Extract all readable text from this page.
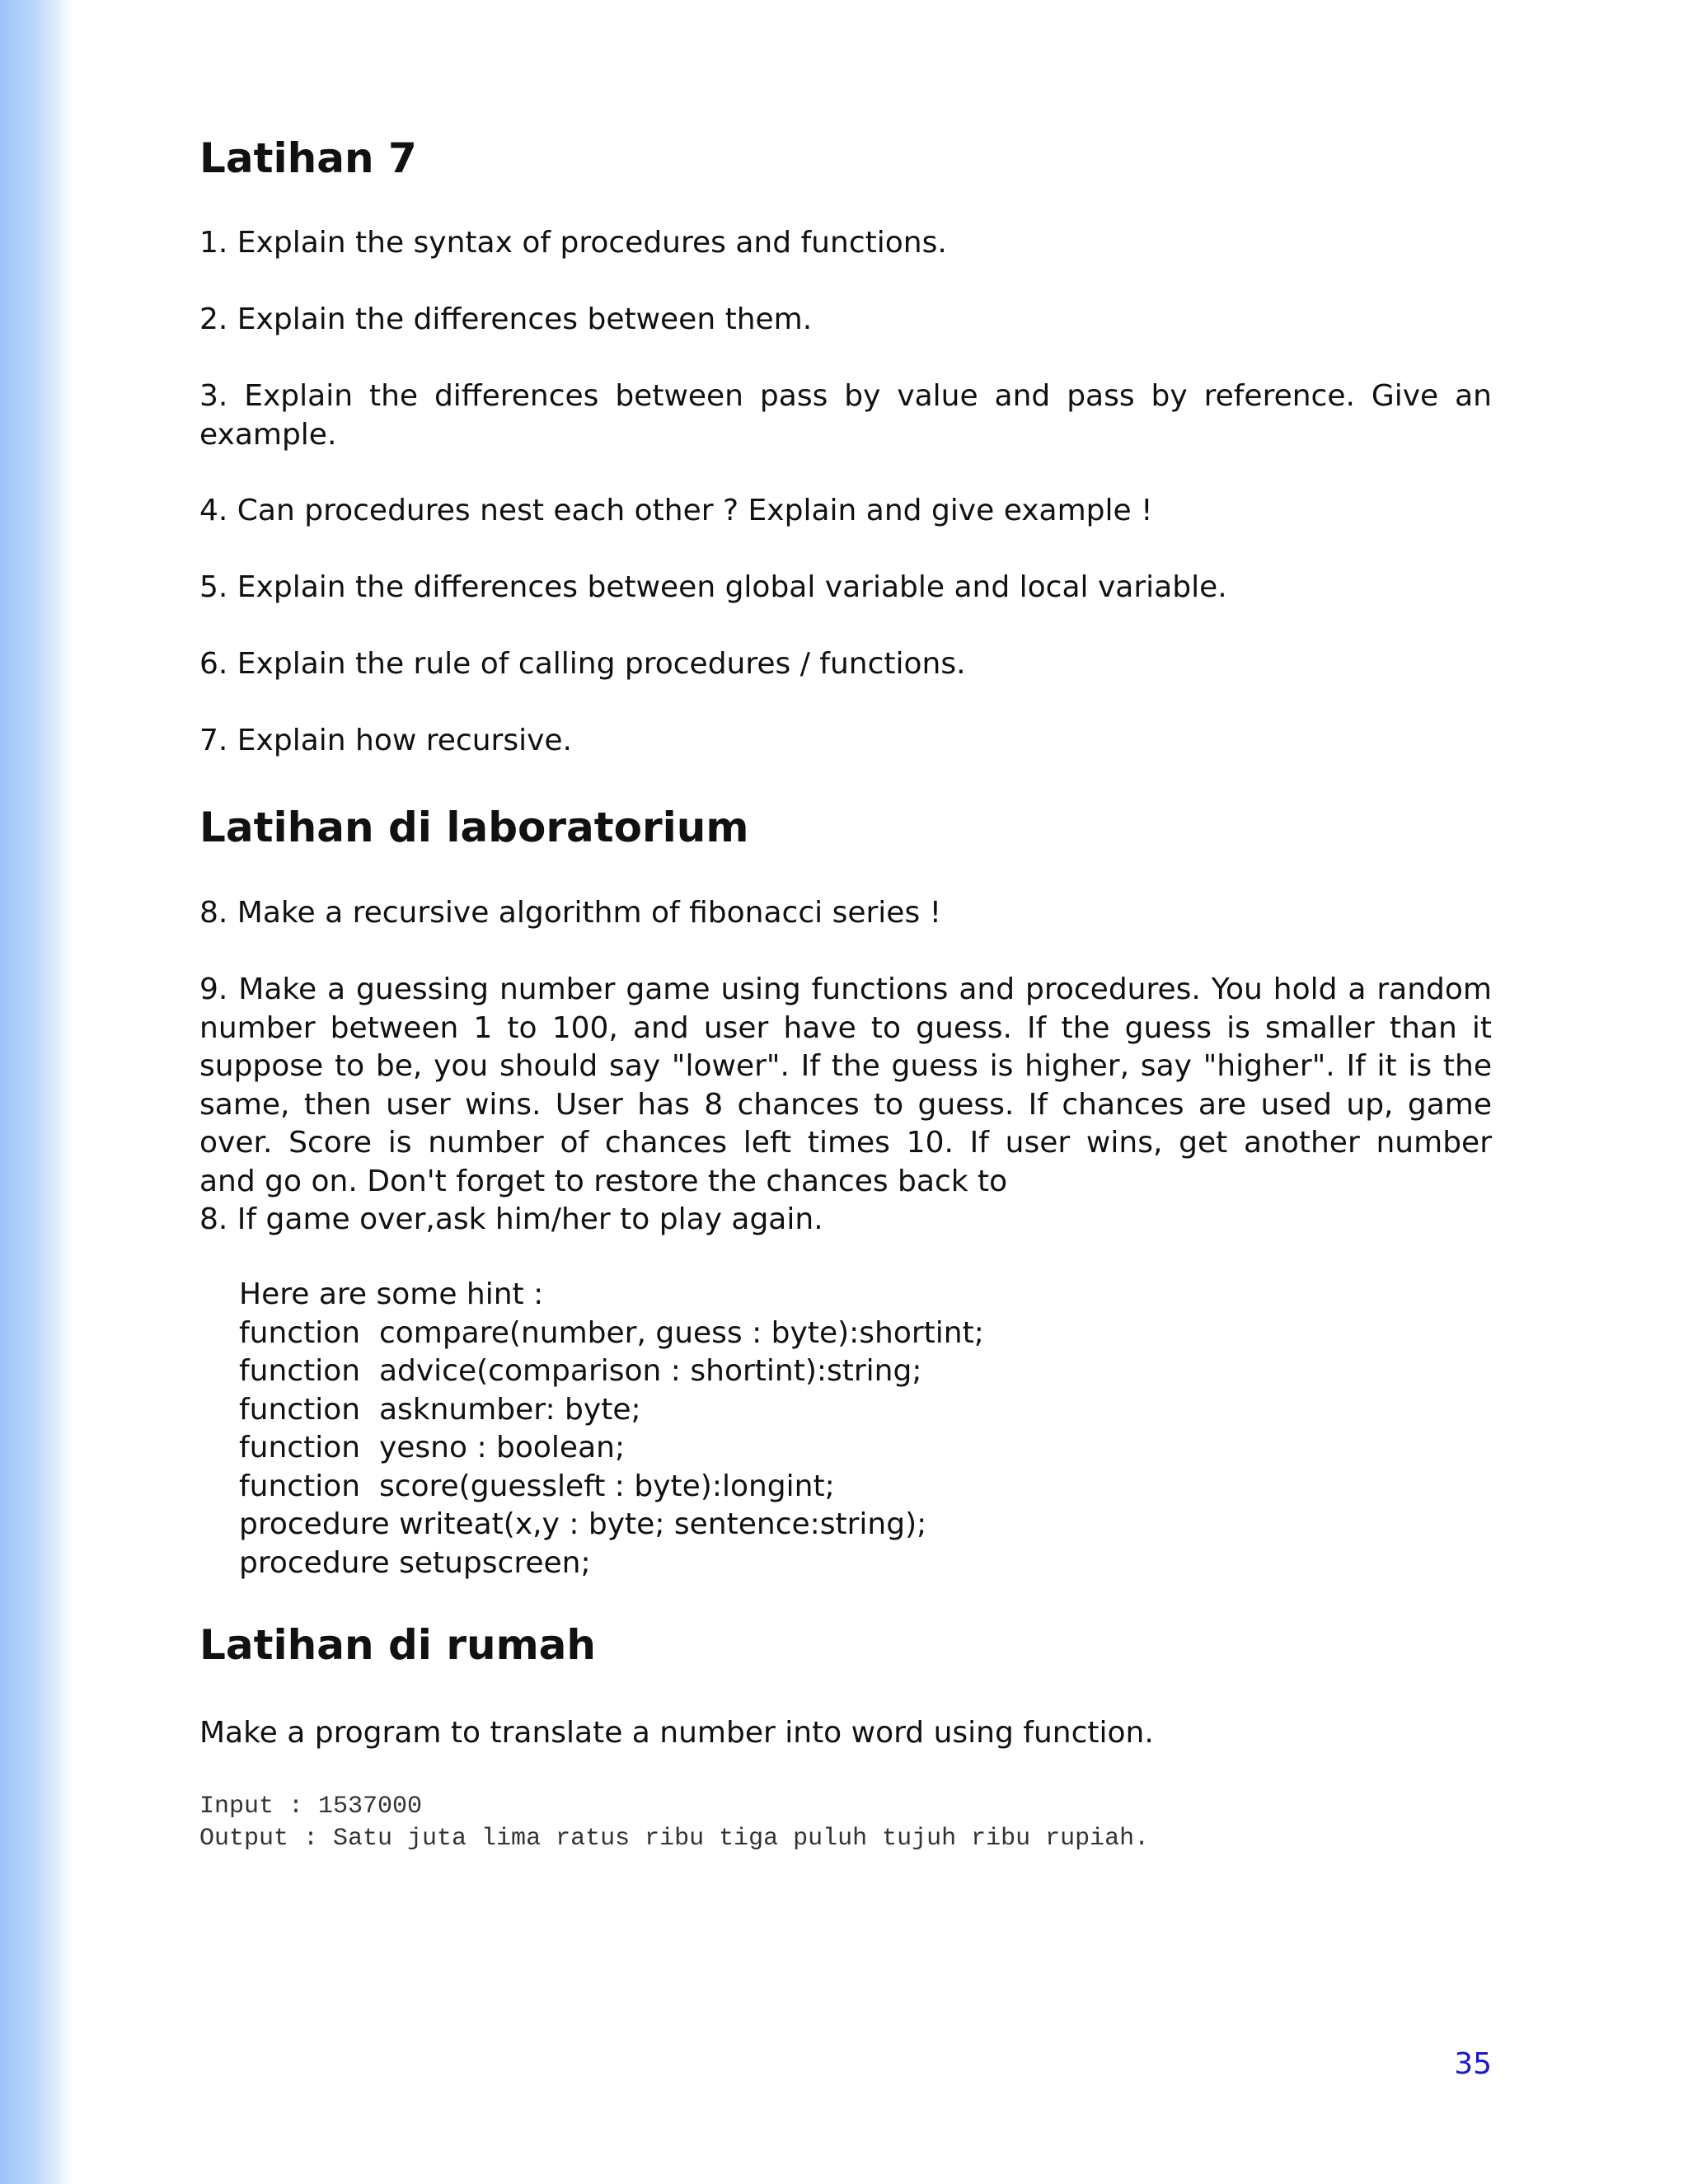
Latihan 7

1. Explain the syntax of procedures and functions.

2. Explain the differences between them.

3. Explain the differences between pass by value and pass by reference. Give an
example.

4. Can procedures nest each other ? Explain and give example !

5. Explain the differences between global variable and local variable.

6. Explain the rule of calling procedures / functions.

7. Explain how recursive.

Latihan di laboratorium

8. Make a recursive algorithm of fibonacci series !

9. Make a guessing number game using functions and procedures. You hold a random
number between 1 to 100, and user have to guess. If the guess is smaller than it
suppose to be, you should say "lower". If the guess is higher, say "higher". If it is the
same, then user wins. User has 8 chances to guess. If chances are used up, game
over. Score is number of chances left times 10. If user wins, get another number
and go on. Don't forget to restore the chances back to
8. If game over,ask him/her to play again.
Here are some hint :
function  compare(number, guess : byte):shortint;
function  advice(comparison : shortint):string;
function  asknumber: byte;
function  yesno : boolean;
function  score(guessleft : byte):longint;
procedure writeat(x,y : byte; sentence:string);
procedure setupscreen;
Latihan di rumah

Make a program to translate a number into word using function.

Input : 1537000

Output : Satu juta lima ratus ribu tiga puluh tujuh ribu rupiah.

35
